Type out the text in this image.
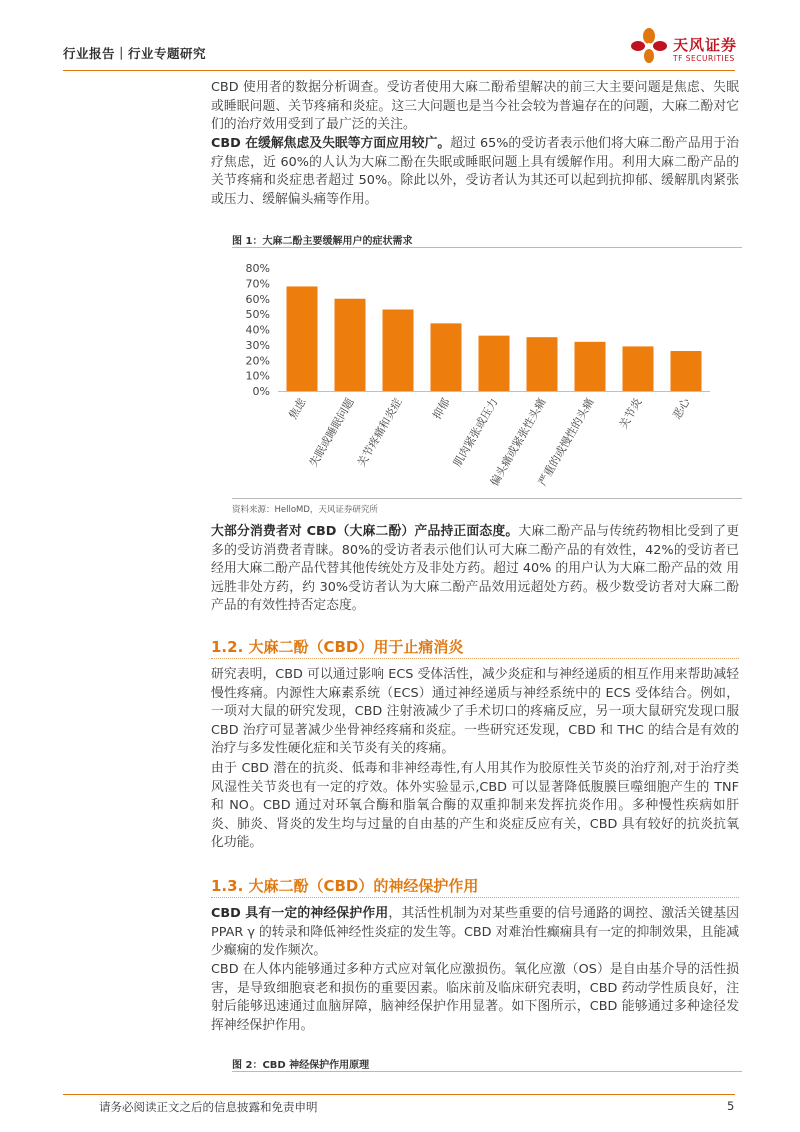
行业报告｜行业专题研究	天风证券
TF SECURITIES
CBD 使用者的数据分析调查。受访者使用大麻二酚希望解决的前三大主要问题是焦虑、失眠或睡眠问题、关节疼痛和炎症。这三大问题也是当今社会较为普遍存在的问题，大麻二酚对它们的治疗效用受到了最广泛的关注。
CBD 在缓解焦虑及失眠等方面应用较广。超过 65%的受访者表示他们将大麻二酚产品用于治疗焦虑，近 60%的人认为大麻二酚在失眠或睡眠问题上具有缓解作用。利用大麻二酚产品的关节疼痛和炎症患者超过 50%。除此以外，受访者认为其还可以起到抗抑郁、缓解肌肉紧张或压力、缓解偏头痛等作用。
图 1：大麻二酚主要缓解用户的症状需求
0%
10%
20%
30%
40%
50%
60%
70%
80%
焦虑
失眠或睡眠问题
关节疼痛和炎症 抑郁
肌肉紧张或压力
偏头痛或紧张性头痛
严重的或慢性的头痛 关节炎 恶心
资料来源：HelloMD，天风证券研究所
大部分消费者对 CBD（大麻二酚）产品持正面态度。大麻二酚产品与传统药物相比受到了更多的受访消费者青睐。80%的受访者表示他们认可大麻二酚产品的有效性，42%的受访者已经用大麻二酚产品代替其他传统处方及非处方药。超过 40% 的用户认为大麻二酚产品的效 用远胜非处方药，约 30%受访者认为大麻二酚产品效用远超处方药。极少数受访者对大麻二酚产品的有效性持否定态度。
1.2. 大麻二酚（CBD）用于止痛消炎
研究表明，CBD 可以通过影响 ECS 受体活性，减少炎症和与神经递质的相互作用来帮助减轻慢性疼痛。内源性大麻素系统（ECS）通过神经递质与神经系统中的 ECS 受体结合。例如，一项对大鼠的研究发现，CBD 注射液减少了手术切口的疼痛反应，另一项大鼠研究发现口服 CBD 治疗可显著减少坐骨神经疼痛和炎症。一些研究还发现，CBD 和 THC 的结合是有效的治疗与多发性硬化症和关节炎有关的疼痛。
由于 CBD 潜在的抗炎、低毒和非神经毒性,有人用其作为胶原性关节炎的治疗剂,对于治疗类风湿性关节炎也有一定的疗效。体外实验显示,CBD 可以显著降低腹膜巨噬细胞产生的 TNF 和 NO。CBD 通过对环氧合酶和脂氧合酶的双重抑制来发挥抗炎作用。多种慢性疾病如肝炎、肺炎、肾炎的发生均与过量的自由基的产生和炎症反应有关，CBD 具有较好的抗炎抗氧化功能。
1.3. 大麻二酚（CBD）的神经保护作用
CBD 具有一定的神经保护作用，其活性机制为对某些重要的信号通路的调控、激活关键基因 PPAR γ 的转录和降低神经性炎症的发生等。CBD 对难治性癫痫具有一定的抑制效果，且能减少癫痫的发作频次。
CBD 在人体内能够通过多种方式应对氧化应激损伤。氧化应激（OS）是自由基介导的活性损害，是导致细胞衰老和损伤的重要因素。临床前及临床研究表明，CBD 药动学性质良好，注射后能够迅速通过血脑屏障，脑神经保护作用显著。如下图所示，CBD 能够通过多种途径发挥神经保护作用。
图 2：CBD 神经保护作用原理
请务必阅读正文之后的信息披露和免责申明	5
